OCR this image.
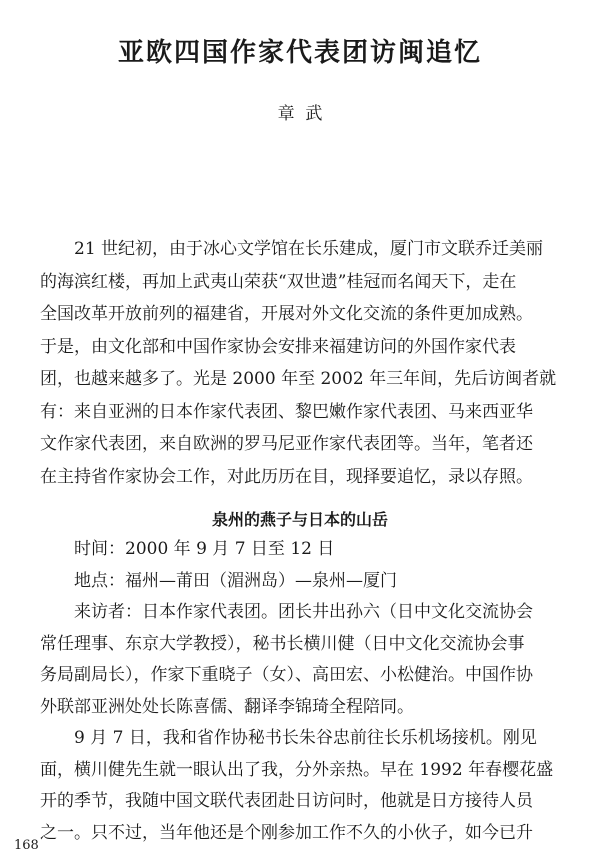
亚欧四国作家代表团访闽追忆
章  武
21 世纪初，由于冰心文学馆在长乐建成，厦门市文联乔迁美丽
的海滨红楼，再加上武夷山荣获“双世遗”桂冠而名闻天下，走在
全国改革开放前列的福建省，开展对外文化交流的条件更加成熟。
于是，由文化部和中国作家协会安排来福建访问的外国作家代表
团，也越来越多了。光是 2000 年至 2002 年三年间，先后访闽者就
有：来自亚洲的日本作家代表团、黎巴嫩作家代表团、马来西亚华
文作家代表团，来自欧洲的罗马尼亚作家代表团等。当年，笔者还
在主持省作家协会工作，对此历历在目，现择要追忆，录以存照。
泉州的燕子与日本的山岳
时间：2000 年 9 月 7 日至 12 日
地点：福州—莆田（湄洲岛）—泉州—厦门
来访者：日本作家代表团。团长井出孙六（日中文化交流协会
常任理事、东京大学教授），秘书长横川健（日中文化交流协会事
务局副局长），作家下重晓子（女）、高田宏、小松健治。中国作协
外联部亚洲处处长陈喜儒、翻译李锦琦全程陪同。
9 月 7 日，我和省作协秘书长朱谷忠前往长乐机场接机。刚见
面，横川健先生就一眼认出了我，分外亲热。早在 1992 年春樱花盛
开的季节，我随中国文联代表团赴日访问时，他就是日方接待人员
之一。只不过，当年他还是个刚参加工作不久的小伙子，如今已升
168
